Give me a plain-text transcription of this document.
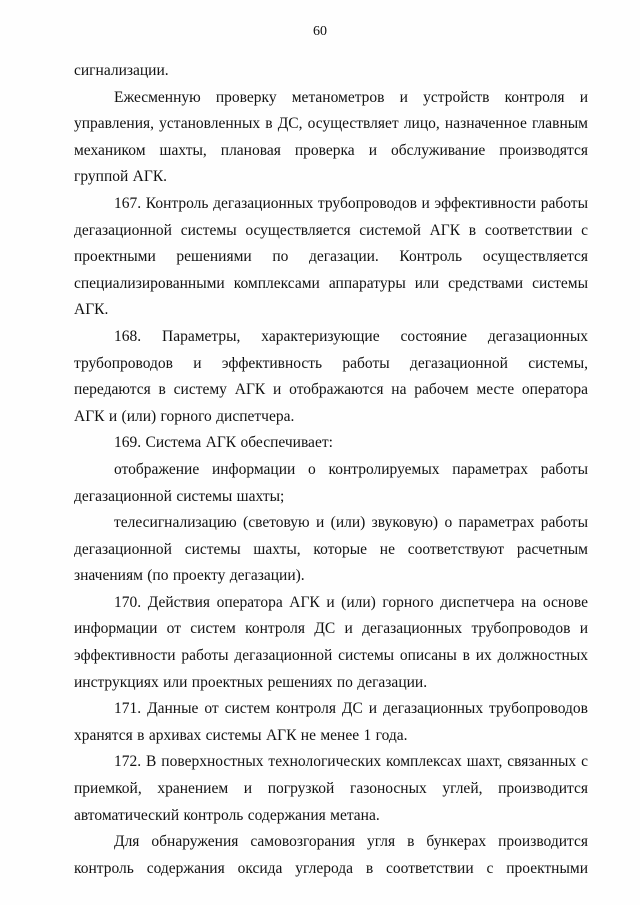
60

сигнализации.

Ежесменную проверку метанометров и устройств контроля и управления, установленных в ДС, осуществляет лицо, назначенное главным механиком шахты, плановая проверка и обслуживание производятся группой АГК.

167. Контроль дегазационных трубопроводов и эффективности работы дегазационной системы осуществляется системой АГК в соответствии с проектными решениями по дегазации. Контроль осуществляется специализированными комплексами аппаратуры или средствами системы АГК.

168. Параметры, характеризующие состояние дегазационных трубопроводов и эффективность работы дегазационной системы, передаются в систему АГК и отображаются на рабочем месте оператора АГК и (или) горного диспетчера.

169. Система АГК обеспечивает:

отображение информации о контролируемых параметрах работы дегазационной системы шахты;

телесигнализацию (световую и (или) звуковую) о параметрах работы дегазационной системы шахты, которые не соответствуют расчетным значениям (по проекту дегазации).

170. Действия оператора АГК и (или) горного диспетчера на основе информации от систем контроля ДС и дегазационных трубопроводов и эффективности работы дегазационной системы описаны в их должностных инструкциях или проектных решениях по дегазации.

171. Данные от систем контроля ДС и дегазационных трубопроводов хранятся в архивах системы АГК не менее 1 года.

172. В поверхностных технологических комплексах шахт, связанных с приемкой, хранением и погрузкой газоносных углей, производится автоматический контроль содержания метана.

Для обнаружения самовозгорания угля в бункерах производится контроль содержания оксида углерода в соответствии с проектными
